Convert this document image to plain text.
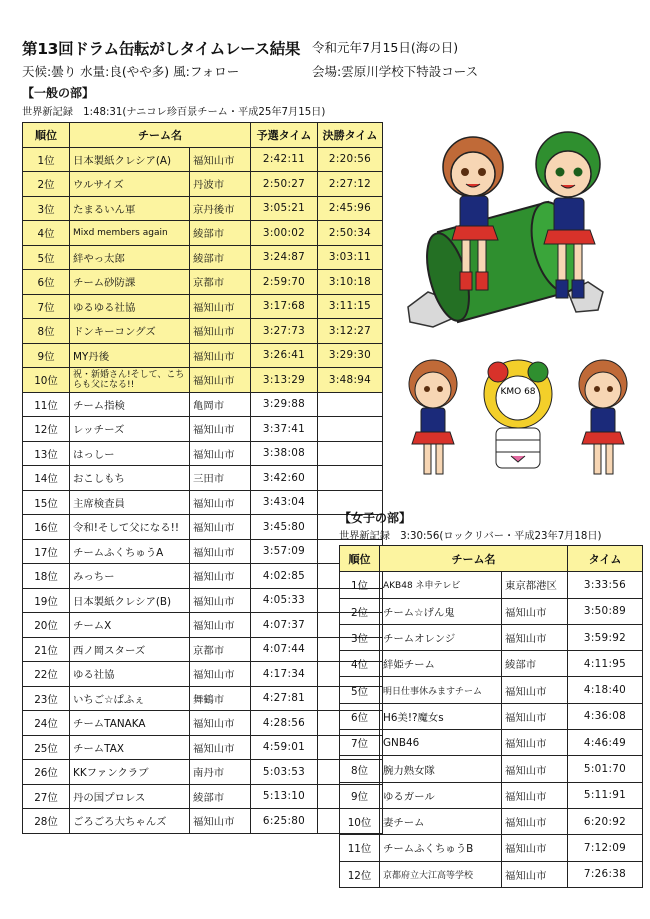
第13回ドラム缶転がしタイムレース結果 令和元年7月15日(海の日)
天候:曇り 水量:良(やや多) 風:フォロー	会場:雲原川学校下特設コース
【一般の部】
世界新記録　1:48:31(ナニコレ珍百景チーム・平成25年7月15日)
順位	チーム名		予選タイム	決勝タイム
1位	日本製紙クレシア(A)	福知山市	2:42:11	2:20:56
2位	ウルサイズ	丹波市	2:50:27	2:27:12
3位	たまるいん軍	京丹後市	3:05:21	2:45:96
4位	Mixd members again	綾部市	3:00:02	2:50:34
5位	絆やっ太郎	綾部市	3:24:87	3:03:11
6位	チーム砂防課	京都市	2:59:70	3:10:18
7位	ゆるゆる社協	福知山市	3:17:68	3:11:15
8位	ドンキーコングズ	福知山市	3:27:73	3:12:27
9位	MY丹後	福知山市	3:26:41	3:29:30
10位	祝・新婚さん!そして、こちらも父になる!!	福知山市	3:13:29	3:48:94
11位	チーム指検	亀岡市	3:29:88	
12位	レッチーズ	福知山市	3:37:41	
13位	はっしー	福知山市	3:38:08	
14位	おこしもち	三田市	3:42:60	
15位	主席検査員	福知山市	3:43:04	
16位	令和!そして父になる!!	福知山市	3:45:80	
17位	チームふくちゅうA	福知山市	3:57:09	
18位	みっちー	福知山市	4:02:85	
19位	日本製紙クレシア(B)	福知山市	4:05:33	
20位	チームX	福知山市	4:07:37	
21位	西ノ岡スターズ	京都市	4:07:44	
22位	ゆる社協	福知山市	4:17:34	
23位	いちご☆ぱふぇ	舞鶴市	4:27:81	
24位	チームTANAKA	福知山市	4:28:56	
25位	チームTAX	福知山市	4:59:01	
26位	KKファンクラブ	南丹市	5:03:53	
27位	丹の国プロレス	綾部市	5:13:10	
28位	ごろごろ大ちゃんズ	福知山市	6:25:80	
【女子の部】
世界新記録　3:30:56(ロックリバー・平成23年7月18日)
順位	チーム名		タイム
1位	AKB48 ネ申テレビ	東京都港区	3:33:56
2位	チーム☆げん鬼	福知山市	3:50:89
3位	チームオレンジ	福知山市	3:59:92
4位	絆姫チーム	綾部市	4:11:95
5位	明日仕事休みますチーム	福知山市	4:18:40
6位	H6美!?魔女s	福知山市	4:36:08
7位	GNB46	福知山市	4:46:49
8位	腕力熟女隊	福知山市	5:01:70
9位	ゆるガール	福知山市	5:11:91
10位	妻チーム	福知山市	6:20:92
11位	チームふくちゅうB	福知山市	7:12:09
12位	京都府立大江高等学校	福知山市	7:26:38
KMO 68
